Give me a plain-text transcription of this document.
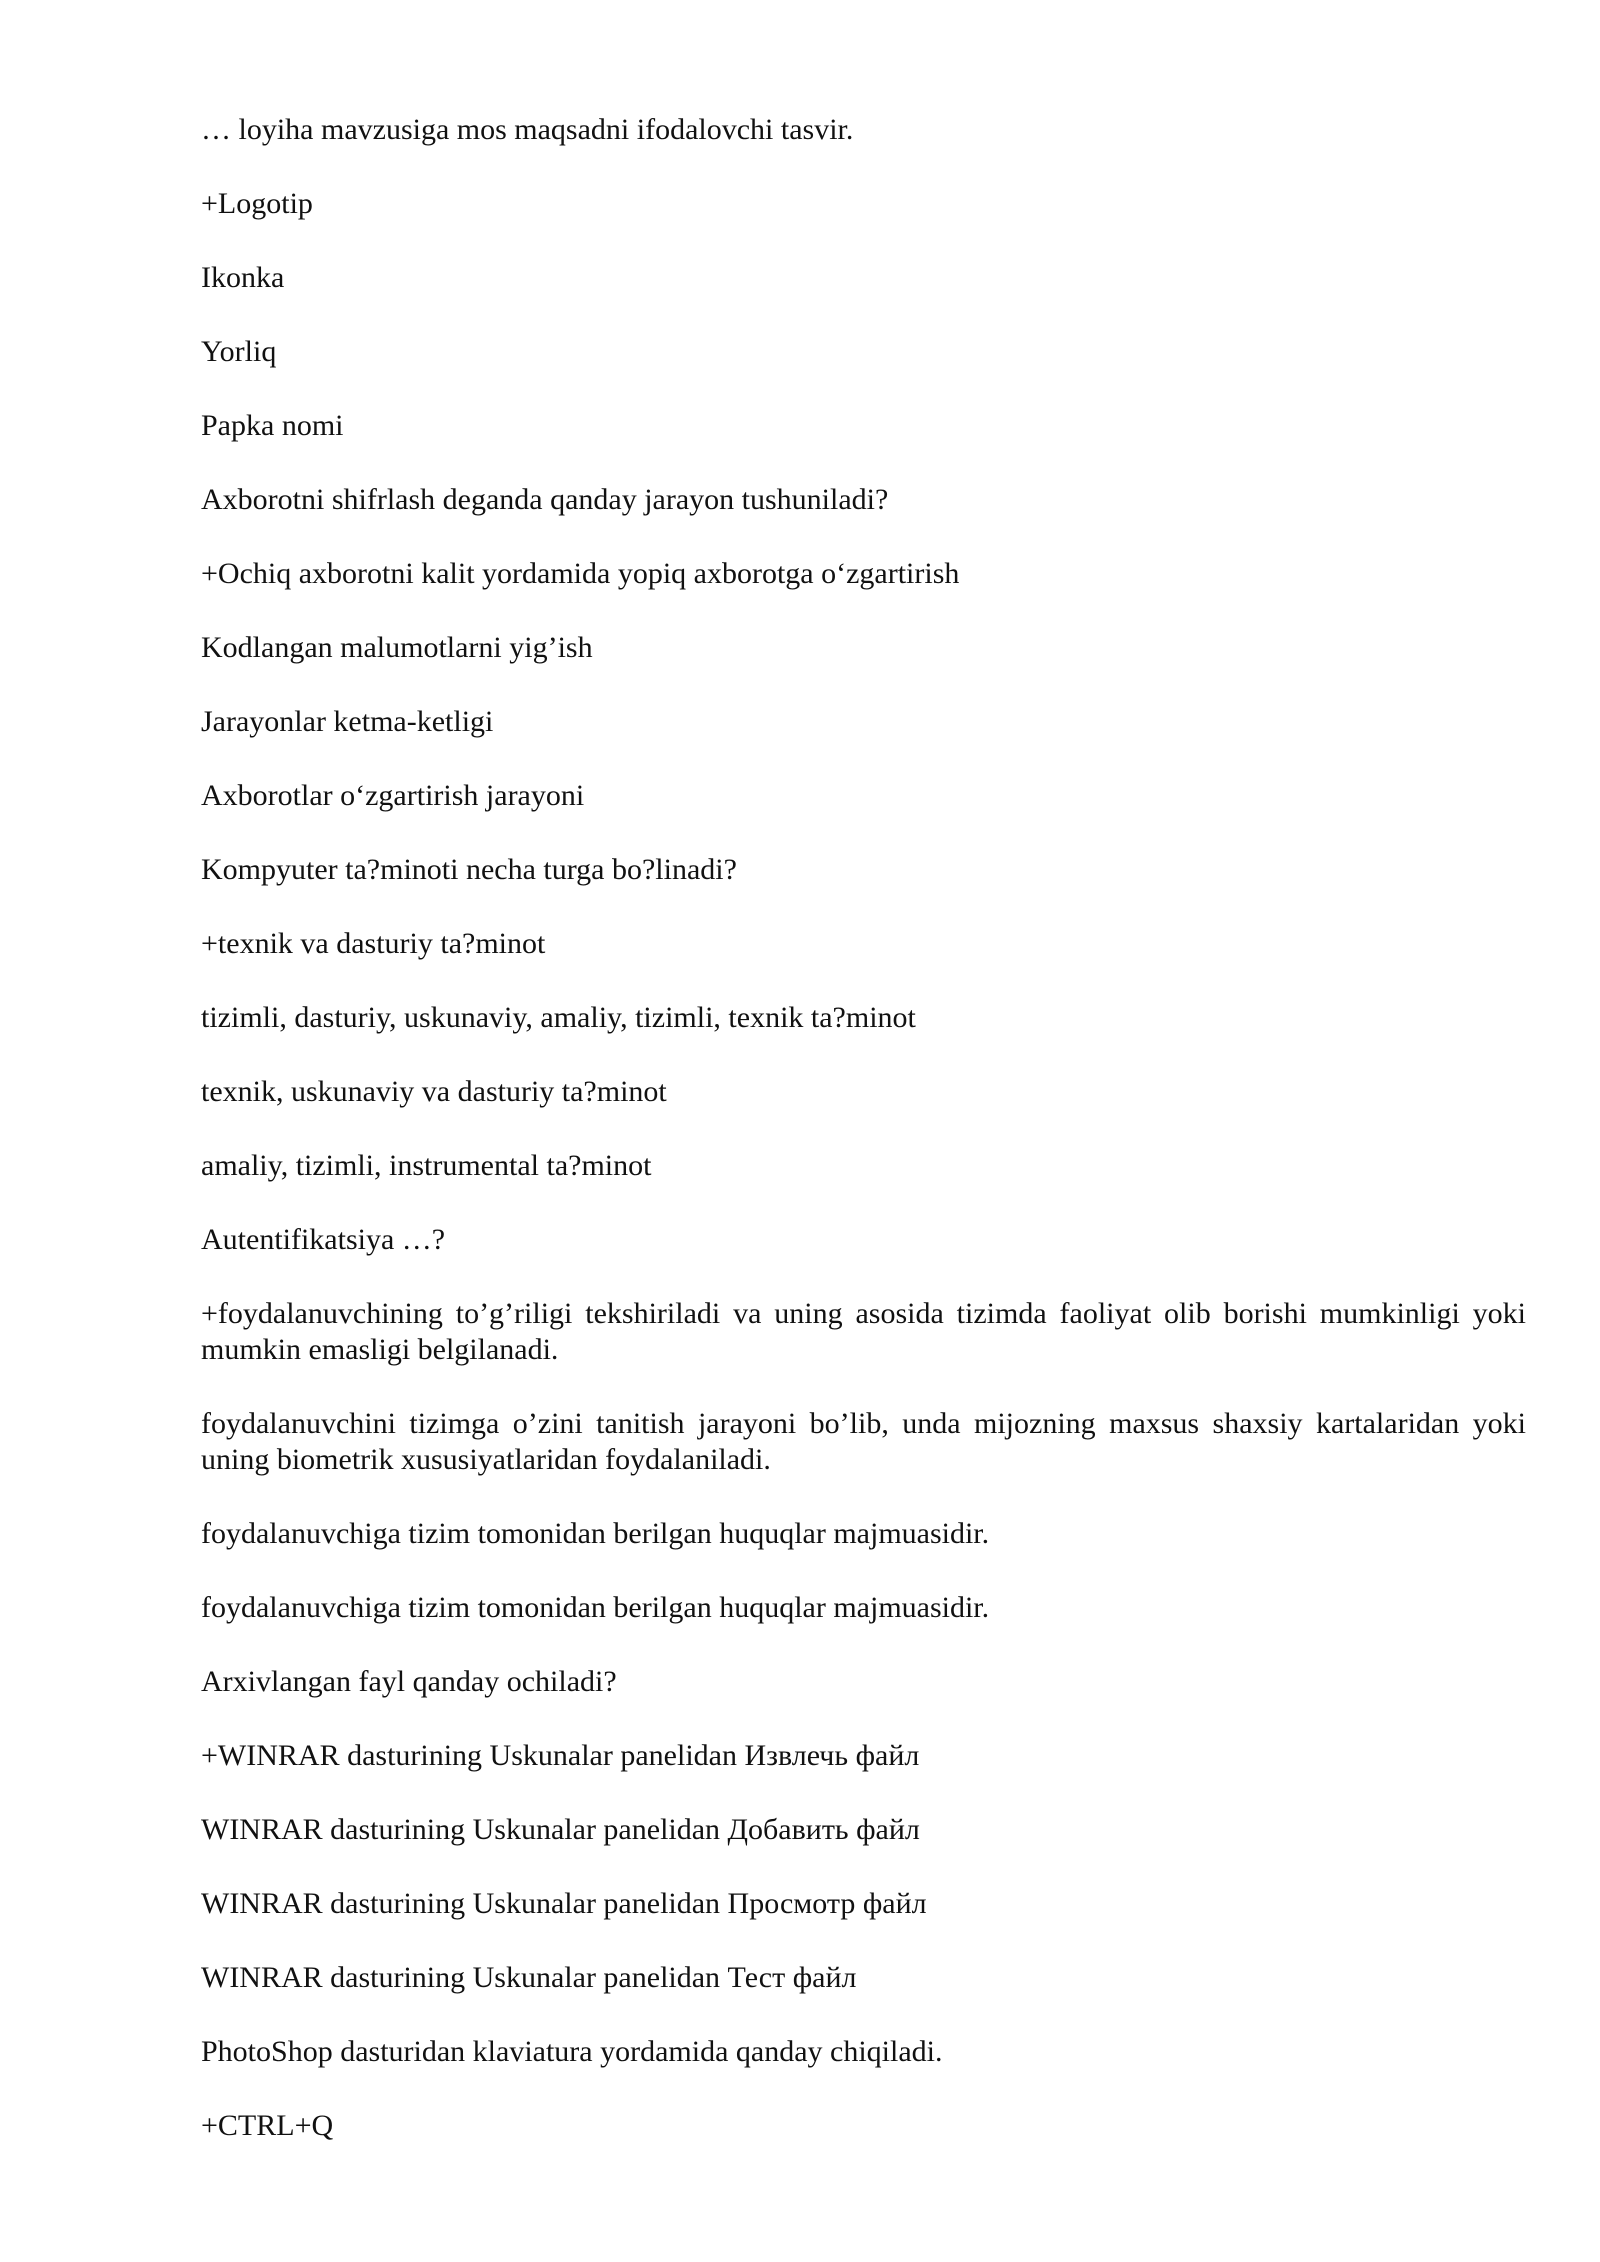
… loyiha mavzusiga mos maqsadni ifodalovchi tasvir.

+Logotip

Ikonka

Yorliq

Papka nomi

Axborotni shifrlash deganda qanday jarayon tushuniladi?

+Ochiq axborotni kalit yordamida yopiq axborotga o‘zgartirish

Kodlangan malumotlarni yig’ish

Jarayonlar ketma-ketligi

Axborotlar o‘zgartirish jarayoni

Kompyuter ta?minoti necha turga bo?linadi?

+texnik va dasturiy ta?minot

tizimli, dasturiy, uskunaviy, amaliy, tizimli, texnik ta?minot

texnik, uskunaviy va dasturiy ta?minot

amaliy, tizimli, instrumental ta?minot

Autentifikatsiya …?

+foydalanuvchining to’g’riligi tekshiriladi va uning asosida tizimda faoliyat olib borishi mumkinligi yoki mumkin emasligi belgilanadi.

foydalanuvchini tizimga o’zini tanitish jarayoni bo’lib, unda mijozning maxsus shaxsiy kartalaridan yoki uning biometrik xususiyatlaridan foydalaniladi.

foydalanuvchiga tizim tomonidan berilgan huquqlar majmuasidir.

foydalanuvchiga tizim tomonidan berilgan huquqlar majmuasidir.

Arxivlangan fayl qanday ochiladi?

+WINRAR dasturining Uskunalar panelidan Извлечь файл

WINRAR dasturining Uskunalar panelidan Добавить файл

WINRAR dasturining Uskunalar panelidan Просмотр файл

WINRAR dasturining Uskunalar panelidan Тест файл

PhotoShop dasturidan klaviatura yordamida qanday chiqiladi.

+CTRL+Q
